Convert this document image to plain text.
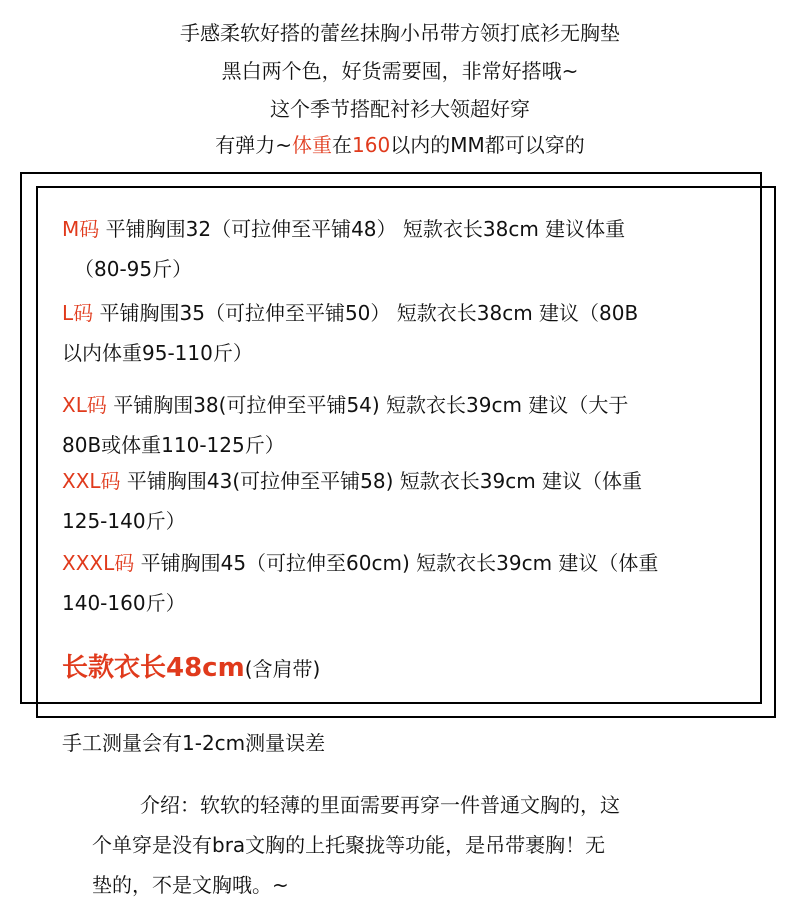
手感柔软好搭的蕾丝抹胸小吊带方领打底衫无胸垫
黑白两个色，好货需要囤，非常好搭哦~
这个季节搭配衬衫大领超好穿
有弹力~体重在160以内的MM都可以穿的
M码 平铺胸围32（可拉伸至平铺48） 短款衣长38cm 建议体重
（80-95斤）
L码 平铺胸围35（可拉伸至平铺50） 短款衣长38cm 建议（80B
以内体重95-110斤）
XL码 平铺胸围38(可拉伸至平铺54) 短款衣长39cm 建议（大于
80B或体重110-125斤）
XXL码 平铺胸围43(可拉伸至平铺58) 短款衣长39cm 建议（体重
125-140斤）
XXXL码 平铺胸围45（可拉伸至60cm) 短款衣长39cm 建议（体重
140-160斤）
长款衣长48cm(含肩带)
手工测量会有1-2cm测量误差
介绍：软软的轻薄的里面需要再穿一件普通文胸的，这
个单穿是没有bra文胸的上托聚拢等功能，是吊带裹胸！无
垫的，不是文胸哦。~
